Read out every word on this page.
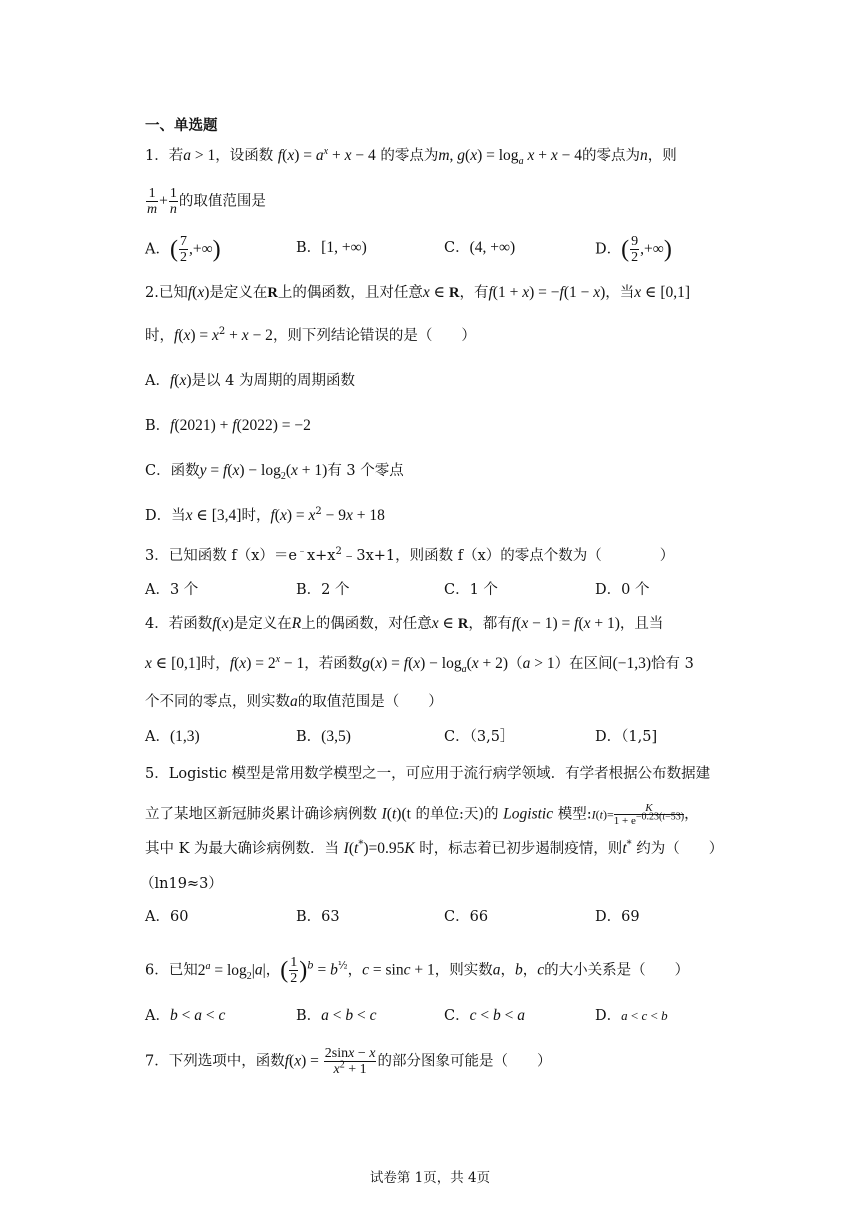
一、单选题
1．若a > 1，设函数 $f(x) = a^x + x - 4$ 的零点为m, $g(x) = \log_a x + x - 4$的零点为n，则
$\frac{1}{m} + \frac{1}{n}$ 的取值范围是
A．( $\frac{7}{2}$ ,+∞)	B．[1, +∞)	C．(4, +∞)	D．( $\frac{9}{2}$ ,+∞)
2.已知f(x)是定义在R上的偶函数，且对任意x ∈ R，有f(1 + x) = −f(1 − x)，当x ∈ [0,1]
时，$f(x) = x^2 + x - 2$，则下列结论错误的是（　　）
A．f(x)是以 4 为周期的周期函数
B．f(2021) + f(2022) = −2
C．函数$y = f(x) - \log_2(x + 1)$有 3 个零点
D．当x ∈ [3,4]时，$f(x) = x^2 - 9x + 18$
3．已知函数 $f(x)=e^﹣x+x^2﹣3x+1$，则函数 f（x）的零点个数为（　　　　）
A．3 个	B．2 个	C．1 个	D．0 个
4．若函数f(x)是定义在R上的偶函数，对任意x ∈ R，都有f(x − 1) = f(x + 1)，且当
x ∈ [0,1]时，$f(x) = 2^x - 1$，若函数$g(x) = f(x) - \log_a(x + 2)(a > 1)$在区间(−1,3)恰有 3
个不同的零点，则实数a的取值范围是（　　）
A．(1,3)	B．(3,5)	C．（3,5］	D．（1,5]
5．Logistic 模型是常用数学模型之一，可应用于流行病学领域．有学者根据公布数据建
立了某地区新冠肺炎累计确诊病例数 I(t)(t 的单位:天)的 Logistic 模型:I(t)= $\frac{K}{1 + e^{-0.23(t-53)}}$ ，
其中 K 为最大确诊病例数．当 I(t*)=0.95K 时，标志着已初步遏制疫情，则t* 约为（　　）
（ln19≈3）
A．60	B．63	C．66	D．69
6．已知$2^a = \log_2|a|$，( $\frac{1}{2} )^b = b^{\frac{1}{2}}$，c = sinc + 1，则实数a，b，c的大小关系是（　　）
A．b < a < c	B．a < b < c	C．c < b < a	D．a < c < b
7．下列选项中，函数$f(x) = \frac{2\sin x - x}{x^2 + 1}$ 的部分图象可能是（　　）
试卷第 1页，共 4页
